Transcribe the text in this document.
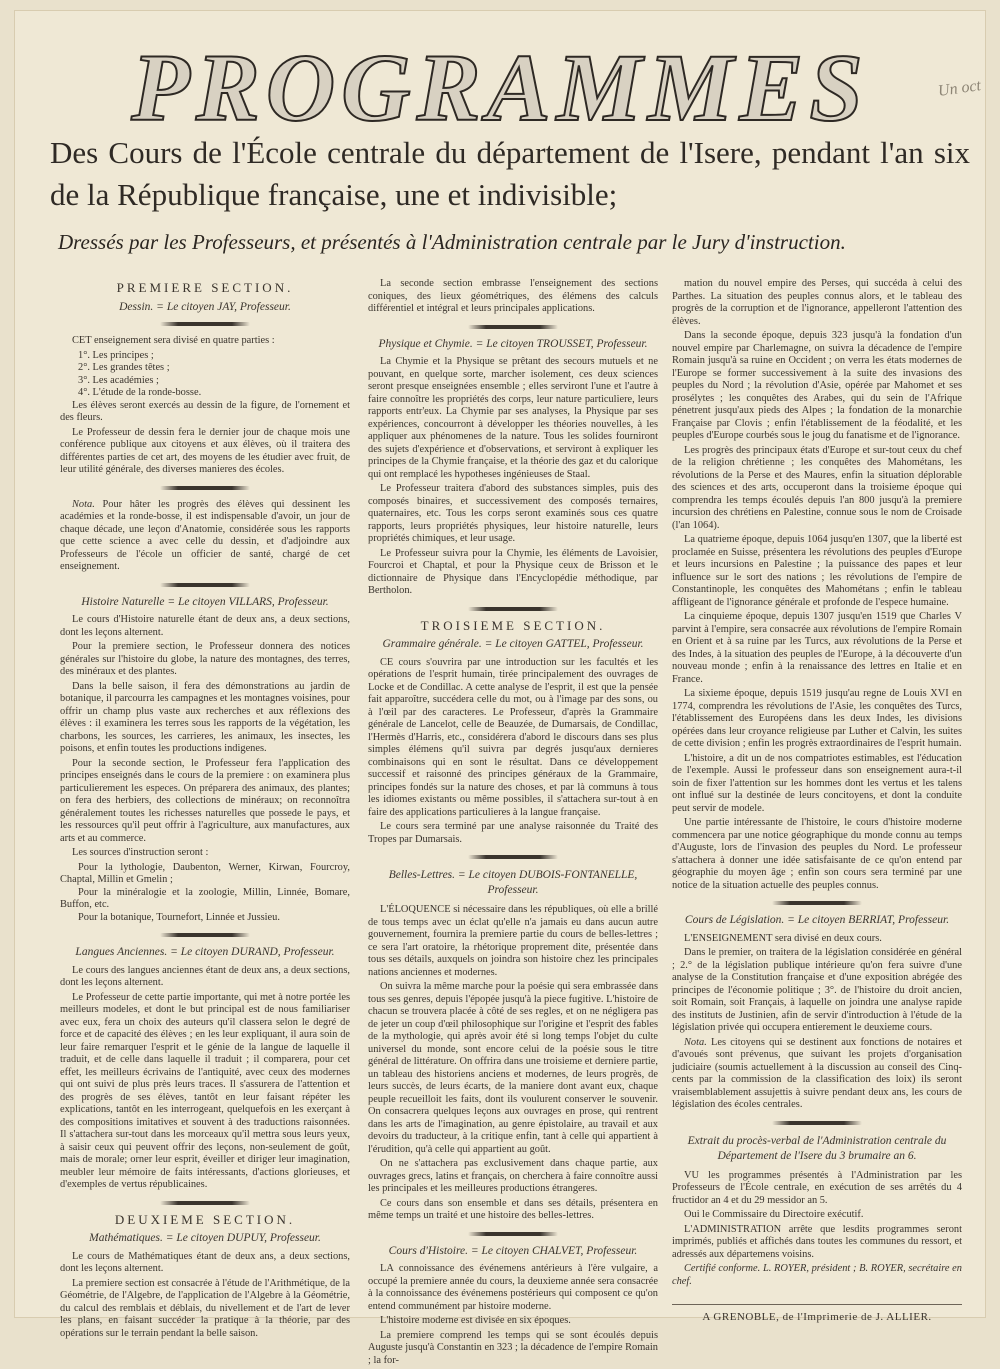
PROGRAMMES	Un oct
Des Cours de l'École centrale du département de l'Isere, pendant l'an six de la République française, une et indivisible;
Dressés par les Professeurs, et présentés à l'Administration centrale par le Jury d'instruction.
PREMIERE SECTION.
Dessin. = Le citoyen JAY, Professeur.

CET enseignement sera divisé en quatre parties :

1°. Les principes ;

2°. Les grandes têtes ;

3°. Les académies ;

4°. L'étude de la ronde-bosse.

Les élèves seront exercés au dessin de la figure, de l'ornement et des fleurs.

Le Professeur de dessin fera le dernier jour de chaque mois une conférence publique aux citoyens et aux élèves, où il traitera des différentes parties de cet art, des moyens de les étudier avec fruit, de leur utilité générale, des diverses manieres des écoles.

Nota. Pour hâter les progrès des élèves qui dessinent les académies et la ronde-bosse, il est indispensable d'avoir, un jour de chaque décade, une leçon d'Anatomie, considérée sous les rapports que cette science a avec celle du dessin, et d'adjoindre aux Professeurs de l'école un officier de santé, chargé de cet enseignement.

Histoire Naturelle = Le citoyen VILLARS, Professeur.

Le cours d'Histoire naturelle étant de deux ans, a deux sections, dont les leçons alternent.

Pour la premiere section, le Professeur donnera des notices générales sur l'histoire du globe, la nature des montagnes, des terres, des minéraux et des plantes.

Dans la belle saison, il fera des démonstrations au jardin de botanique, il parcourra les campagnes et les montagnes voisines, pour offrir un champ plus vaste aux recherches et aux réflexions des élèves : il examinera les terres sous les rapports de la végétation, les charbons, les sources, les carrieres, les animaux, les insectes, les poisons, et enfin toutes les productions indigenes.

Pour la seconde section, le Professeur fera l'application des principes enseignés dans le cours de la premiere : on examinera plus particulierement les especes. On préparera des animaux, des plantes; on fera des herbiers, des collections de minéraux; on reconnoîtra généralement toutes les richesses naturelles que possede le pays, et les ressources qu'il peut offrir à l'agriculture, aux manufactures, aux arts et au commerce.

Les sources d'instruction seront :

Pour la lythologie, Daubenton, Werner, Kirwan, Fourcroy, Chaptal, Millin et Gmelin ;

Pour la minéralogie et la zoologie, Millin, Linnée, Bomare, Buffon, etc.

Pour la botanique, Tournefort, Linnée et Jussieu.

Langues Anciennes. = Le citoyen DURAND, Professeur.

Le cours des langues anciennes étant de deux ans, a deux sections, dont les leçons alternent.

Le Professeur de cette partie importante, qui met à notre portée les meilleurs modeles, et dont le but principal est de nous familiariser avec eux, fera un choix des auteurs qu'il classera selon le degré de force et de capacité des élèves ; en les leur expliquant, il aura soin de leur faire remarquer l'esprit et le génie de la langue de laquelle il traduit, et de celle dans laquelle il traduit ; il comparera, pour cet effet, les meilleurs écrivains de l'antiquité, avec ceux des modernes qui ont suivi de plus près leurs traces. Il s'assurera de l'attention et des progrès de ses élèves, tantôt en leur faisant répéter les explications, tantôt en les interrogeant, quelquefois en les exerçant à des compositions imitatives et souvent à des traductions raisonnées. Il s'attachera sur-tout dans les morceaux qu'il mettra sous leurs yeux, à saisir ceux qui peuvent offrir des leçons, non-seulement de goût, mais de morale; orner leur esprit, éveiller et diriger leur imagination, meubler leur mémoire de faits intéressants, d'actions glorieuses, et d'exemples de vertus républicaines.

DEUXIEME SECTION.
Mathématiques. = Le citoyen DUPUY, Professeur.

Le cours de Mathématiques étant de deux ans, a deux sections, dont les leçons alternent.

La premiere section est consacrée à l'étude de l'Arithmétique, de la Géométrie, de l'Algebre, de l'application de l'Algebre à la Géométrie, du calcul des remblais et déblais, du nivellement et de l'art de lever les plans, en faisant succéder la pratique à la théorie, par des opérations sur le terrain pendant la belle saison.

La seconde section embrasse l'enseignement des sections coniques, des lieux géométriques, des élémens des calculs différentiel et intégral et leurs principales applications.

Physique et Chymie. = Le citoyen TROUSSET, Professeur.

La Chymie et la Physique se prêtant des secours mutuels et ne pouvant, en quelque sorte, marcher isolement, ces deux sciences seront presque enseignées ensemble ; elles serviront l'une et l'autre à faire connoître les propriétés des corps, leur nature particuliere, leurs rapports entr'eux. La Chymie par ses analyses, la Physique par ses expériences, concourront à développer les théories nouvelles, à les appliquer aux phénomenes de la nature. Tous les solides fourniront des sujets d'expérience et d'observations, et serviront à expliquer les principes de la Chymie française, et la théorie des gaz et du calorique qui ont remplacé les hypotheses ingénieuses de Staal.

Le Professeur traitera d'abord des substances simples, puis des composés binaires, et successivement des composés ternaires, quaternaires, etc. Tous les corps seront examinés sous ces quatre rapports, leurs propriétés physiques, leur histoire naturelle, leurs propriétés chimiques, et leur usage.

Le Professeur suivra pour la Chymie, les éléments de Lavoisier, Fourcroi et Chaptal, et pour la Physique ceux de Brisson et le dictionnaire de Physique dans l'Encyclopédie méthodique, par Bertholon.

TROISIEME SECTION.
Grammaire générale. = Le citoyen GATTEL, Professeur.

CE cours s'ouvrira par une introduction sur les facultés et les opérations de l'esprit humain, tirée principalement des ouvrages de Locke et de Condillac. A cette analyse de l'esprit, il est que la pensée fait apparoître, succédera celle du mot, ou à l'image par des sons, ou à l'œil par des caracteres. Le Professeur, d'après la Grammaire générale de Lancelot, celle de Beauzée, de Dumarsais, de Condillac, l'Hermès d'Harris, etc., considérera d'abord le discours dans ses plus simples élémens qu'il suivra par degrés jusqu'aux dernieres combinaisons qui en sont le résultat. Dans ce développement successif et raisonné des principes généraux de la Grammaire, principes fondés sur la nature des choses, et par là communs à tous les idiomes existants ou même possibles, il s'attachera sur-tout à en faire des applications particulieres à la langue française.

Le cours sera terminé par une analyse raisonnée du Traité des Tropes par Dumarsais.

Belles-Lettres. = Le citoyen DUBOIS-FONTANELLE, Professeur.

L'ÉLOQUENCE si nécessaire dans les républiques, où elle a brillé de tous temps avec un éclat qu'elle n'a jamais eu dans aucun autre gouvernement, fournira la premiere partie du cours de belles-lettres ; ce sera l'art oratoire, la rhétorique proprement dite, présentée dans tous ses détails, auxquels on joindra son histoire chez les principales nations anciennes et modernes.

On suivra la même marche pour la poésie qui sera embrassée dans tous ses genres, depuis l'épopée jusqu'à la piece fugitive. L'histoire de chacun se trouvera placée à côté de ses regles, et on ne négligera pas de jeter un coup d'œil philosophique sur l'origine et l'esprit des fables de la mythologie, qui après avoir été si long temps l'objet du culte universel du monde, sont encore celui de la poésie sous le titre général de littérature. On offrira dans une troisieme et derniere partie, un tableau des historiens anciens et modernes, de leurs progrès, de leurs succès, de leurs écarts, de la maniere dont avant eux, chaque peuple recueilloit les faits, dont ils voulurent conserver le souvenir. On consacrera quelques leçons aux ouvrages en prose, qui rentrent dans les arts de l'imagination, au genre épistolaire, au travail et aux devoirs du traducteur, à la critique enfin, tant à celle qui appartient à l'érudition, qu'à celle qui appartient au goût.

On ne s'attachera pas exclusivement dans chaque partie, aux ouvrages grecs, latins et français, on cherchera à faire connoître aussi les principales et les meilleures productions étrangeres.

Ce cours dans son ensemble et dans ses détails, présentera en même temps un traité et une histoire des belles-lettres.

Cours d'Histoire. = Le citoyen CHALVET, Professeur.

LA connoissance des événemens antérieurs à l'ère vulgaire, a occupé la premiere année du cours, la deuxieme année sera consacrée à la connoissance des événemens postérieurs qui composent ce qu'on entend communément par histoire moderne.

L'histoire moderne est divisée en six époques.

La premiere comprend les temps qui se sont écoulés depuis Auguste jusqu'à Constantin en 323 ; la décadence de l'empire Romain ; la for-

mation du nouvel empire des Perses, qui succéda à celui des Parthes. La situation des peuples connus alors, et le tableau des progrès de la corruption et de l'ignorance, appelleront l'attention des élèves.

Dans la seconde époque, depuis 323 jusqu'à la fondation d'un nouvel empire par Charlemagne, on suivra la décadence de l'empire Romain jusqu'à sa ruine en Occident ; on verra les états modernes de l'Europe se former successivement à la suite des invasions des peuples du Nord ; la révolution d'Asie, opérée par Mahomet et ses prosélytes ; les conquêtes des Arabes, qui du sein de l'Afrique pénetrent jusqu'aux pieds des Alpes ; la fondation de la monarchie Française par Clovis ; enfin l'établissement de la féodalité, et les peuples d'Europe courbés sous le joug du fanatisme et de l'ignorance.

Les progrès des principaux états d'Europe et sur-tout ceux du chef de la religion chrétienne ; les conquêtes des Mahométans, les révolutions de la Perse et des Maures, enfin la situation déplorable des sciences et des arts, occuperont dans la troisieme époque qui comprendra les temps écoulés depuis l'an 800 jusqu'à la premiere incursion des chrétiens en Palestine, connue sous le nom de Croisade (l'an 1064).

La quatrieme époque, depuis 1064 jusqu'en 1307, que la liberté est proclamée en Suisse, présentera les révolutions des peuples d'Europe et leurs incursions en Palestine ; la puissance des papes et leur influence sur le sort des nations ; les révolutions de l'empire de Constantinople, les conquêtes des Mahométans ; enfin le tableau affligeant de l'ignorance générale et profonde de l'espece humaine.

La cinquieme époque, depuis 1307 jusqu'en 1519 que Charles V parvint à l'empire, sera consacrée aux révolutions de l'empire Romain en Orient et à sa ruine par les Turcs, aux révolutions de la Perse et des Indes, à la situation des peuples de l'Europe, à la découverte d'un nouveau monde ; enfin à la renaissance des lettres en Italie et en France.

La sixieme époque, depuis 1519 jusqu'au regne de Louis XVI en 1774, comprendra les révolutions de l'Asie, les conquêtes des Turcs, l'établissement des Européens dans les deux Indes, les divisions opérées dans leur croyance religieuse par Luther et Calvin, les suites de cette division ; enfin les progrès extraordinaires de l'esprit humain.

L'histoire, a dit un de nos compatriotes estimables, est l'éducation de l'exemple. Aussi le professeur dans son enseignement aura-t-il soin de fixer l'attention sur les hommes dont les vertus et les talens ont influé sur la destinée de leurs concitoyens, et dont la conduite peut servir de modele.

Une partie intéressante de l'histoire, le cours d'histoire moderne commencera par une notice géographique du monde connu au temps d'Auguste, lors de l'invasion des peuples du Nord. Le professeur s'attachera à donner une idée satisfaisante de ce qu'on entend par géographie du moyen âge ; enfin son cours sera terminé par une notice de la situation actuelle des peuples connus.

Cours de Législation. = Le citoyen BERRIAT, Professeur.

L'ENSEIGNEMENT sera divisé en deux cours.

Dans le premier, on traitera de la législation considérée en général ; 2.° de la législation publique intérieure qu'on fera suivre d'une analyse de la Constitution française et d'une exposition abrégée des principes de l'économie politique ; 3°. de l'histoire du droit ancien, soit Romain, soit Français, à laquelle on joindra une analyse rapide des instituts de Justinien, afin de servir d'introduction à l'étude de la législation privée qui occupera entierement le deuxieme cours.

Nota. Les citoyens qui se destinent aux fonctions de notaires et d'avoués sont prévenus, que suivant les projets d'organisation judiciaire (soumis actuellement à la discussion au conseil des Cinq-cents par la commission de la classification des loix) ils seront vraisemblablement assujettis à suivre pendant deux ans, les cours de législation des écoles centrales.

Extrait du procès-verbal de l'Administration centrale du Département de l'Isere du 3 brumaire an 6.

VU les programmes présentés à l'Administration par les Professeurs de l'École centrale, en exécution de ses arrêtés du 4 fructidor an 4 et du 29 messidor an 5.

Oui le Commissaire du Directoire exécutif.

L'ADMINISTRATION arrête que lesdits programmes seront imprimés, publiés et affichés dans toutes les communes du ressort, et adressés aux départemens voisins.

Certifié conforme. L. ROYER, président ; B. ROYER, secrétaire en chef.

A GRENOBLE, de l'Imprimerie de J. ALLIER.
